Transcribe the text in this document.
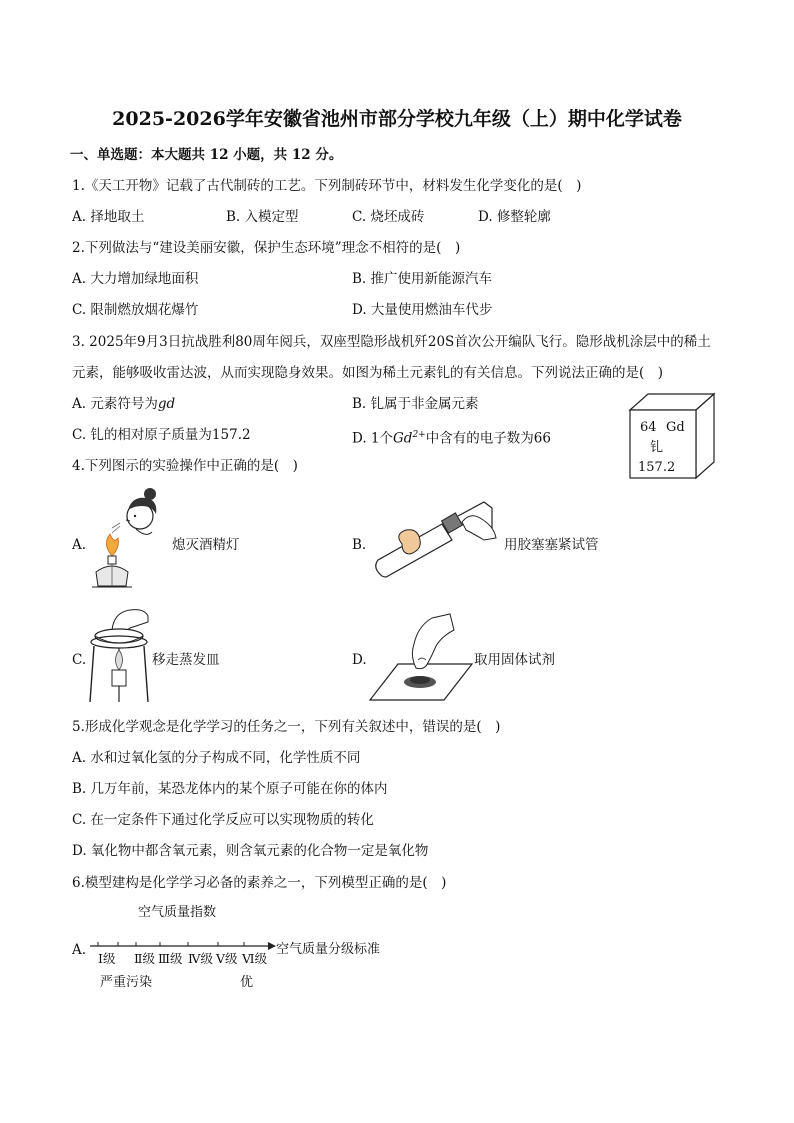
2025-2026学年安徽省池州市部分学校九年级（上）期中化学试卷
一、单选题：本大题共 12 小题，共 12 分。
1.《天工开物》记载了古代制砖的工艺。下列制砖环节中，材料发生化学变化的是(　)
A. 择地取土	B. 入模定型	C. 烧坯成砖	D. 修整轮廓
2.下列做法与“建设美丽安徽，保护生态环境”理念不相符的是(　)
A. 大力增加绿地面积	B. 推广使用新能源汽车
C. 限制燃放烟花爆竹	D. 大量使用燃油车代步
3. 2025年9月3日抗战胜利80周年阅兵，双座型隐形战机歼20S首次公开编队飞行。隐形战机涂层中的稀土
元素，能够吸收雷达波，从而实现隐身效果。如图为稀土元素钆的有关信息。下列说法正确的是(　)
A. 元素符号为gd	B. 钆属于非金属元素
C. 钆的相对原子质量为157.2	D. 1个$Gd^{2+}$中含有的电子数为66
64 Gd
钆
157.2
4.下列图示的实验操作中正确的是(　)
A.	熄灭酒精灯	B.	用胶塞塞紧试管
C.	移走蒸发皿	D.	取用固体试剂
5.形成化学观念是化学学习的任务之一，下列有关叙述中，错误的是(　)
A. 水和过氧化氢的分子构成不同，化学性质不同
B. 几万年前，某恐龙体内的某个原子可能在你的体内
C. 在一定条件下通过化学反应可以实现物质的转化
D. 氧化物中都含氧元素，则含氧元素的化合物一定是氧化物
6.模型建构是化学学习必备的素养之一，下列模型正确的是(　)
A.
空气质量指数
空气质量分级标准
Ⅰ级 Ⅱ级 Ⅲ级 Ⅳ级 Ⅴ级 Ⅵ级
严重污染	优
